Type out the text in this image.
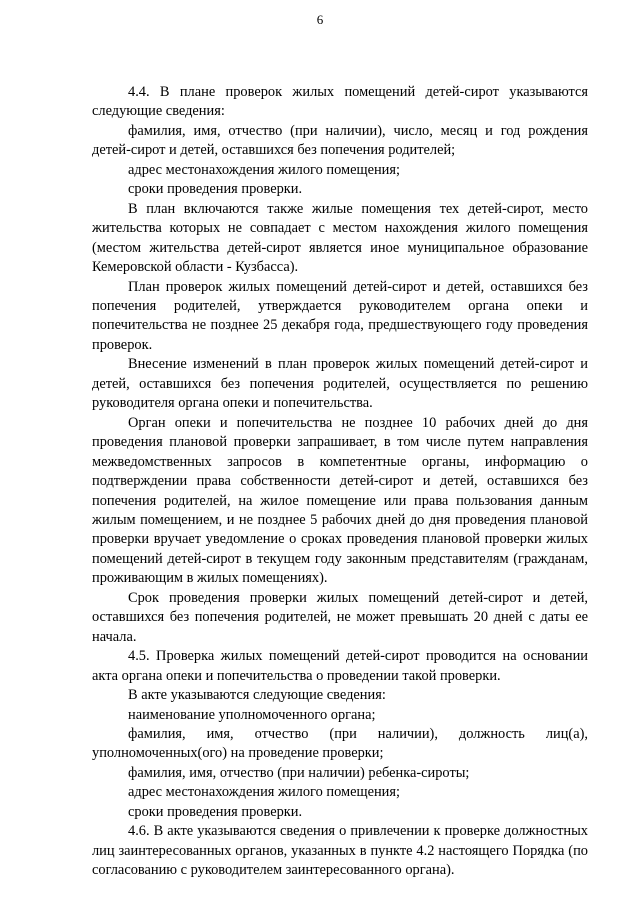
6

4.4. В плане проверок жилых помещений детей-сирот указываются следующие сведения:

фамилия, имя, отчество (при наличии), число, месяц и год рождения детей-сирот и детей, оставшихся без попечения родителей;

адрес местонахождения жилого помещения;

сроки проведения проверки.

В план включаются также жилые помещения тех детей-сирот, место жительства которых не совпадает с местом нахождения жилого помещения (местом жительства детей-сирот является иное муниципальное образование Кемеровской области - Кузбасса).

План проверок жилых помещений детей-сирот и детей, оставшихся без попечения родителей, утверждается руководителем органа опеки и попечительства не позднее 25 декабря года, предшествующего году проведения проверок.

Внесение изменений в план проверок жилых помещений детей-сирот и детей, оставшихся без попечения родителей, осуществляется по решению руководителя органа опеки и попечительства.

Орган опеки и попечительства не позднее 10 рабочих дней до дня проведения плановой проверки запрашивает, в том числе путем направления межведомственных запросов в компетентные органы, информацию о подтверждении права собственности детей-сирот и детей, оставшихся без попечения родителей, на жилое помещение или права пользования данным жилым помещением, и не позднее 5 рабочих дней до дня проведения плановой проверки вручает уведомление о сроках проведения плановой проверки жилых помещений детей-сирот в текущем году законным представителям (гражданам, проживающим в жилых помещениях).

Срок проведения проверки жилых помещений детей-сирот и детей, оставшихся без попечения родителей, не может превышать 20 дней с даты ее начала.

4.5. Проверка жилых помещений детей-сирот проводится на основании акта органа опеки и попечительства о проведении такой проверки.

В акте указываются следующие сведения:

наименование уполномоченного органа;

фамилия, имя, отчество (при наличии), должность лиц(а), уполномоченных(ого) на проведение проверки;

фамилия, имя, отчество (при наличии) ребенка-сироты;

адрес местонахождения жилого помещения;

сроки проведения проверки.

4.6. В акте указываются сведения о привлечении к проверке должностных лиц заинтересованных органов, указанных в пункте 4.2 настоящего Порядка (по согласованию с руководителем заинтересованного органа).
